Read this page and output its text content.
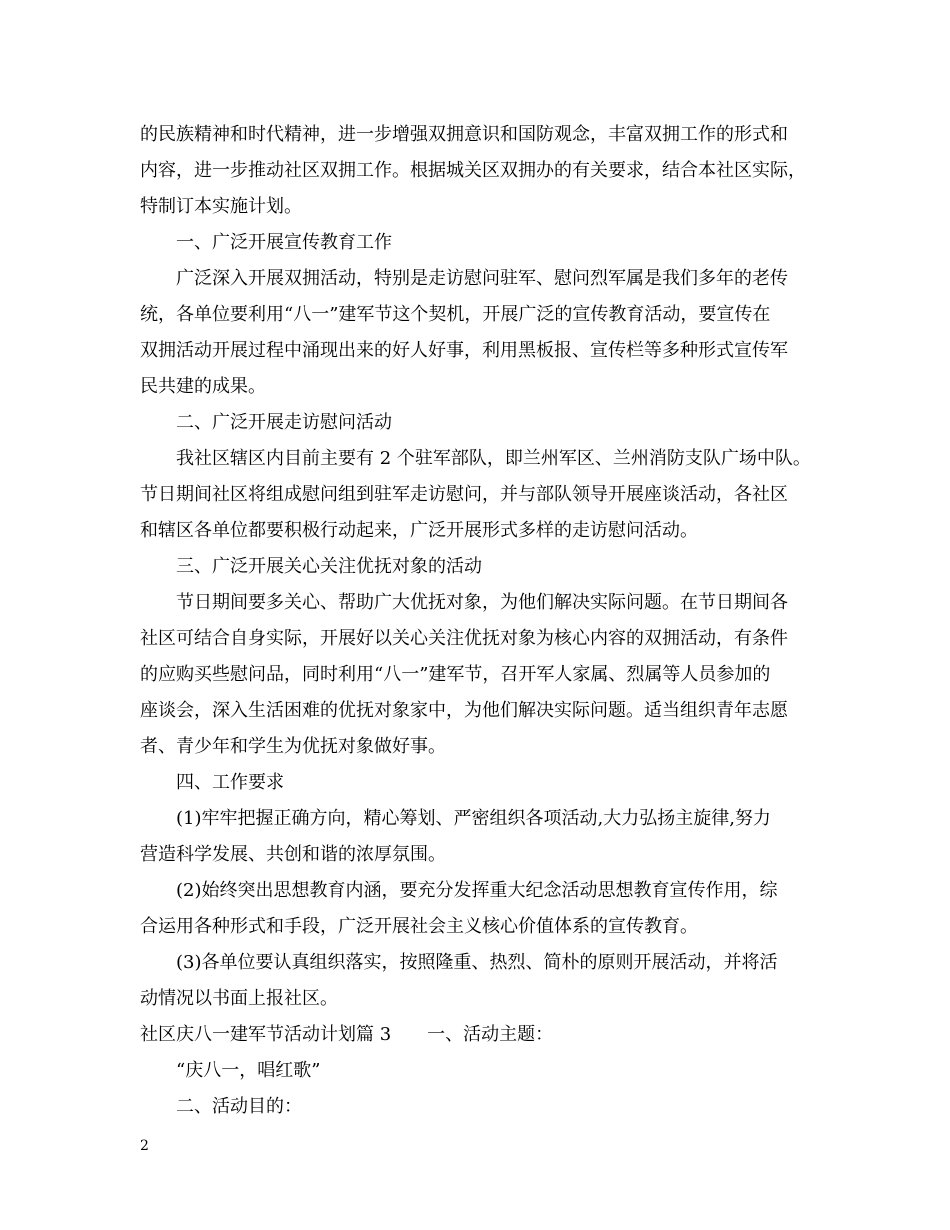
的民族精神和时代精神，进一步增强双拥意识和国防观念，丰富双拥工作的形式和
内容，进一步推动社区双拥工作。根据城关区双拥办的有关要求，结合本社区实际，
特制订本实施计划。
一、广泛开展宣传教育工作
广泛深入开展双拥活动，特别是走访慰问驻军、慰问烈军属是我们多年的老传
统，各单位要利用“八一”建军节这个契机，开展广泛的宣传教育活动，要宣传在
双拥活动开展过程中涌现出来的好人好事，利用黑板报、宣传栏等多种形式宣传军
民共建的成果。
二、广泛开展走访慰问活动
我社区辖区内目前主要有 2 个驻军部队，即兰州军区、兰州消防支队广场中队。
节日期间社区将组成慰问组到驻军走访慰问，并与部队领导开展座谈活动，各社区
和辖区各单位都要积极行动起来，广泛开展形式多样的走访慰问活动。
三、广泛开展关心关注优抚对象的活动
节日期间要多关心、帮助广大优抚对象，为他们解决实际问题。在节日期间各
社区可结合自身实际，开展好以关心关注优抚对象为核心内容的双拥活动，有条件
的应购买些慰问品，同时利用“八一”建军节，召开军人家属、烈属等人员参加的
座谈会，深入生活困难的优抚对象家中，为他们解决实际问题。适当组织青年志愿
者、青少年和学生为优抚对象做好事。
四、工作要求
(1)牢牢把握正确方向，精心筹划、严密组织各项活动,大力弘扬主旋律,努力
营造科学发展、共创和谐的浓厚氛围。
(2)始终突出思想教育内涵，要充分发挥重大纪念活动思想教育宣传作用，综
合运用各种形式和手段，广泛开展社会主义核心价值体系的宣传教育。
(3)各单位要认真组织落实，按照隆重、热烈、简朴的原则开展活动，并将活
动情况以书面上报社区。
社区庆八一建军节活动计划篇 3　　一、活动主题：
“庆八一，唱红歌”
二、活动目的：
2
